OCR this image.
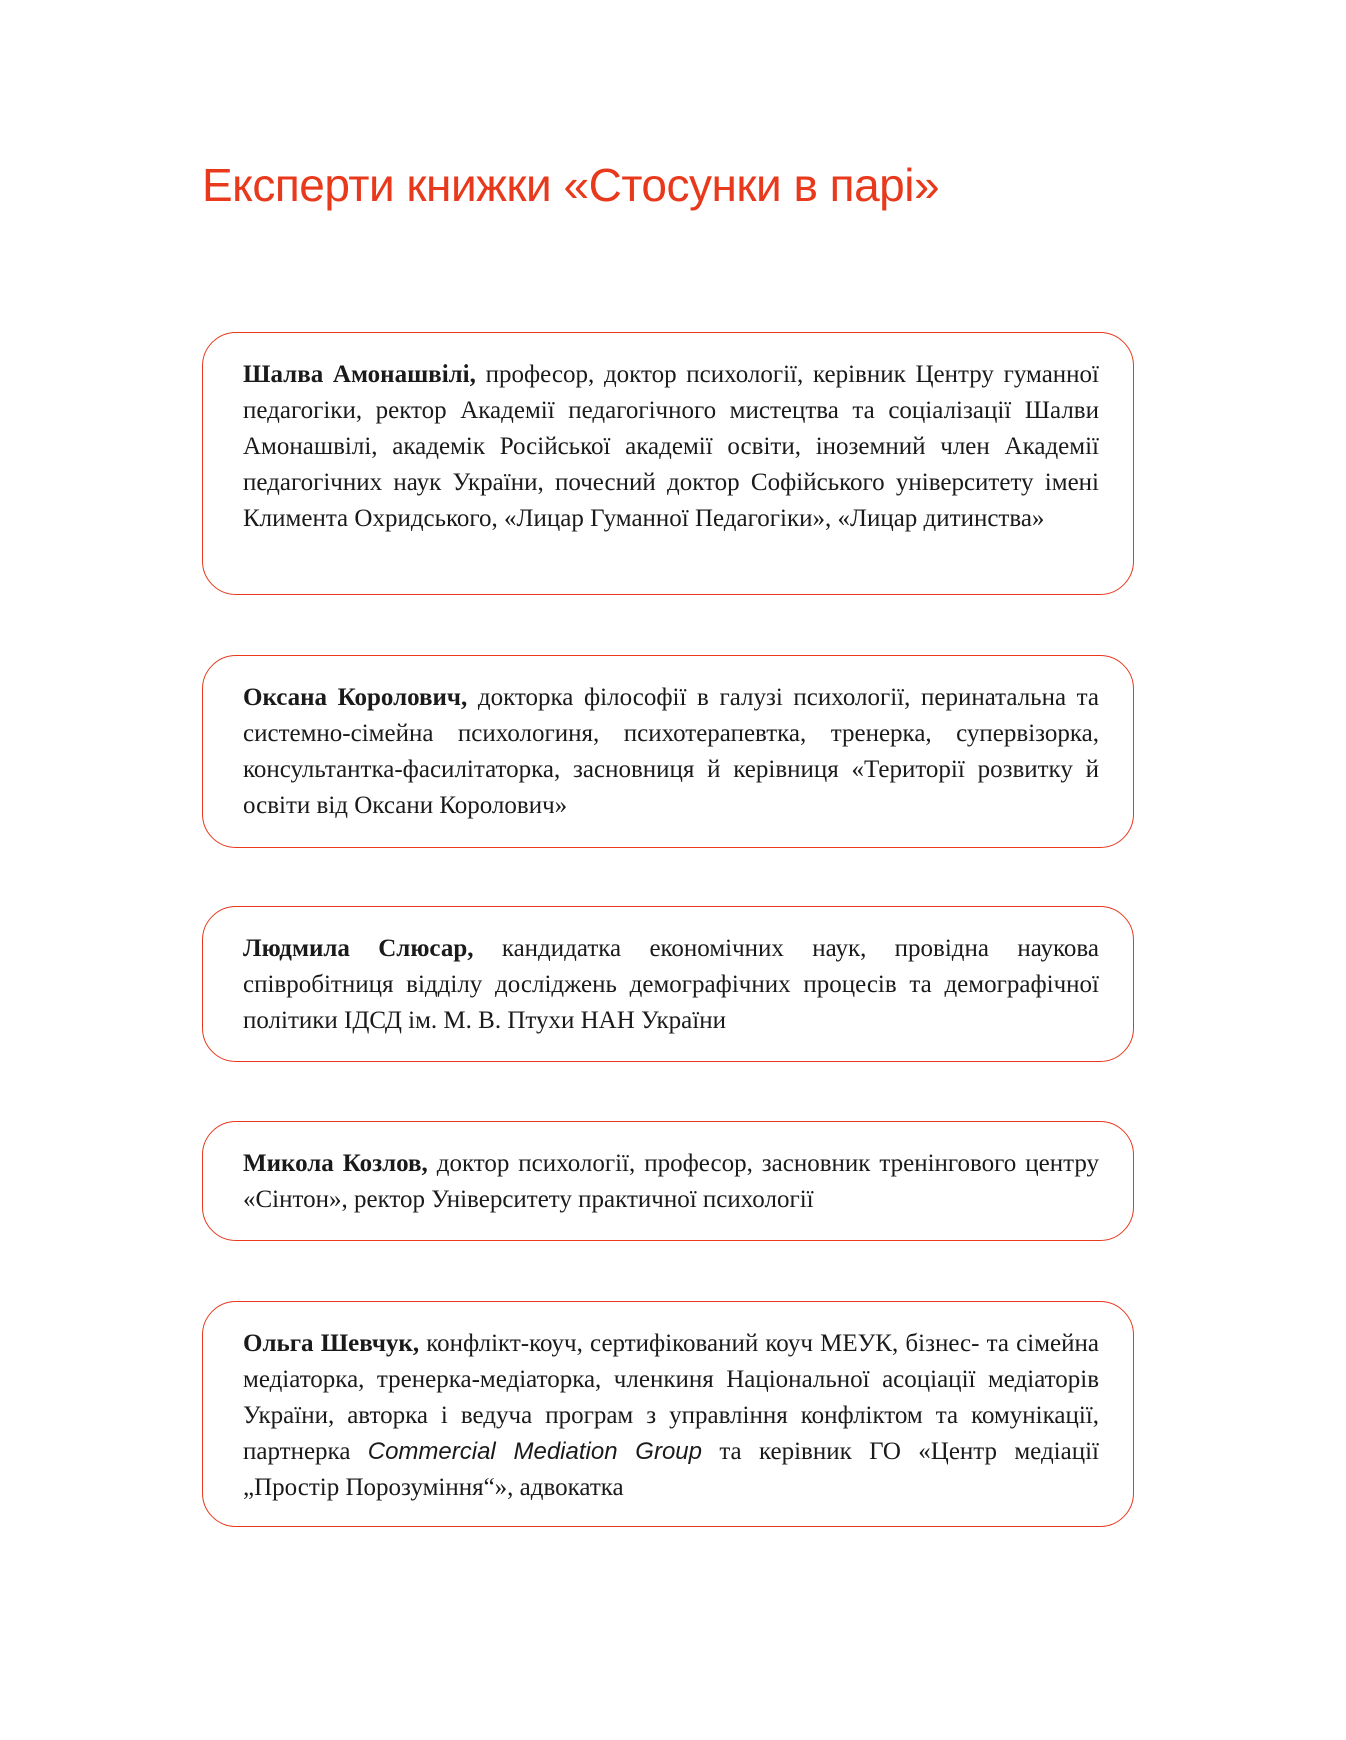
Експерти книжки «Стосунки в парі»

Шалва Амонашвілі, професор, доктор психології, керівник Центру гуманної педагогіки, ректор Академії педагогічного мистецтва та соціалізації Шалви Амонашвілі, академік Російської академії освіти, іноземний член Академії педагогічних наук України, почесний доктор Софійського університету імені Климента Охридського, «Лицар Гуманної Педагогіки», «Лицар дитинства»

Оксана Королович, докторка філософії в галузі психології, перинатальна та системно-сімейна психологиня, психотерапевтка, тренерка, супервізорка, консультантка-фасилітаторка, засновниця й керівниця «Території розвитку й освіти від Оксани Королович»

Людмила Слюсар, кандидатка економічних наук, провідна наукова співробітниця відділу досліджень демографічних процесів та демографічної політики ІДСД ім. М. В. Птухи НАН України

Микола Козлов, доктор психології, професор, засновник тренінгового центру «Сінтон», ректор Університету практичної психології

Ольга Шевчук, конфлікт-коуч, сертифікований коуч МЕУК, бізнес- та сімейна медіаторка, тренерка-медіаторка, членкиня Національної асоціації медіаторів України, авторка і ведуча програм з управління конфліктом та комунікації, партнерка Commercial Mediation Group та керівник ГО «Центр медіації „Простір Порозуміння“», адвокатка
